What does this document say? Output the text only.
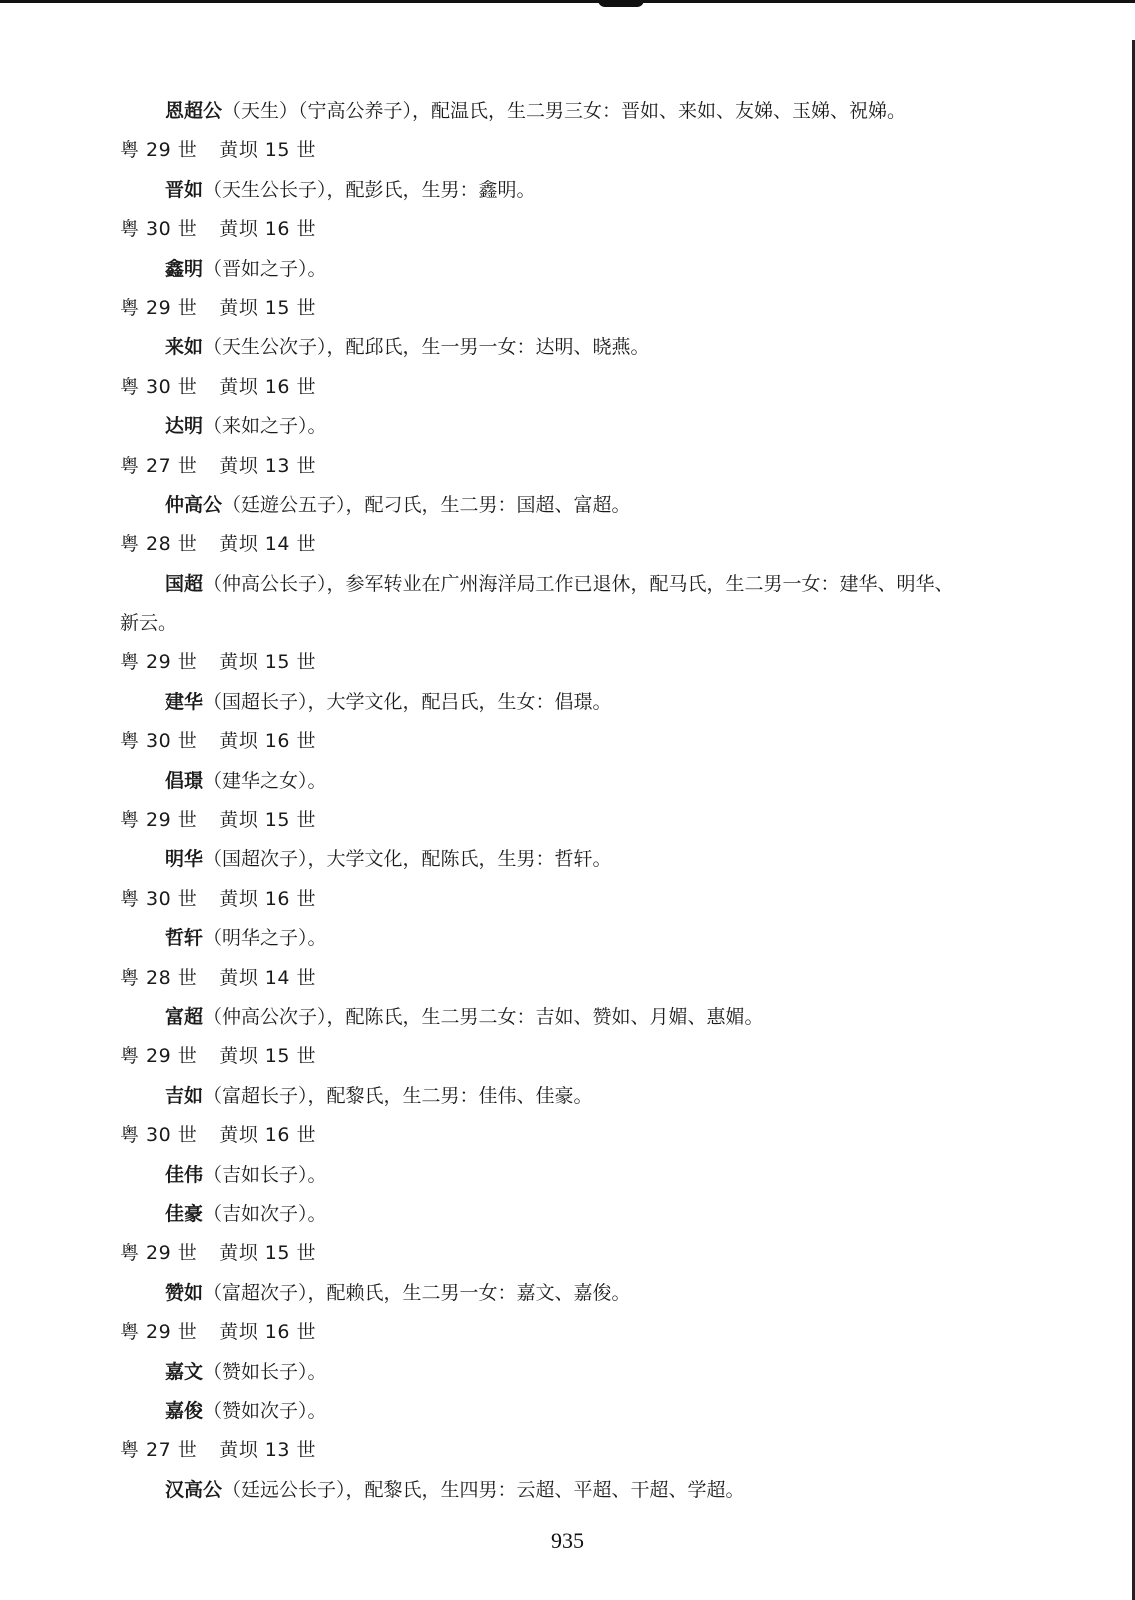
恩超公（天生）（宁高公养子），配温氏，生二男三女：晋如、来如、友娣、玉娣、祝娣。
粤 29 世 黄坝 15 世
晋如（天生公长子），配彭氏，生男：鑫明。
粤 30 世 黄坝 16 世
鑫明（晋如之子）。
粤 29 世 黄坝 15 世
来如（天生公次子），配邱氏，生一男一女：达明、晓燕。
粤 30 世 黄坝 16 世
达明（来如之子）。
粤 27 世 黄坝 13 世
仲高公（廷遊公五子），配刁氏，生二男：国超、富超。
粤 28 世 黄坝 14 世
国超（仲高公长子），参军转业在广州海洋局工作已退休，配马氏，生二男一女：建华、明华、
新云。
粤 29 世 黄坝 15 世
建华（国超长子），大学文化，配吕氏，生女：倡璟。
粤 30 世 黄坝 16 世
倡璟（建华之女）。
粤 29 世 黄坝 15 世
明华（国超次子），大学文化，配陈氏，生男：哲轩。
粤 30 世 黄坝 16 世
哲轩（明华之子）。
粤 28 世 黄坝 14 世
富超（仲高公次子），配陈氏，生二男二女：吉如、赞如、月媚、惠媚。
粤 29 世 黄坝 15 世
吉如（富超长子），配黎氏，生二男：佳伟、佳豪。
粤 30 世 黄坝 16 世
佳伟（吉如长子）。
佳豪（吉如次子）。
粤 29 世 黄坝 15 世
赞如（富超次子），配赖氏，生二男一女：嘉文、嘉俊。
粤 29 世 黄坝 16 世
嘉文（赞如长子）。
嘉俊（赞如次子）。
粤 27 世 黄坝 13 世
汉高公（廷远公长子），配黎氏，生四男：云超、平超、干超、学超。
935
